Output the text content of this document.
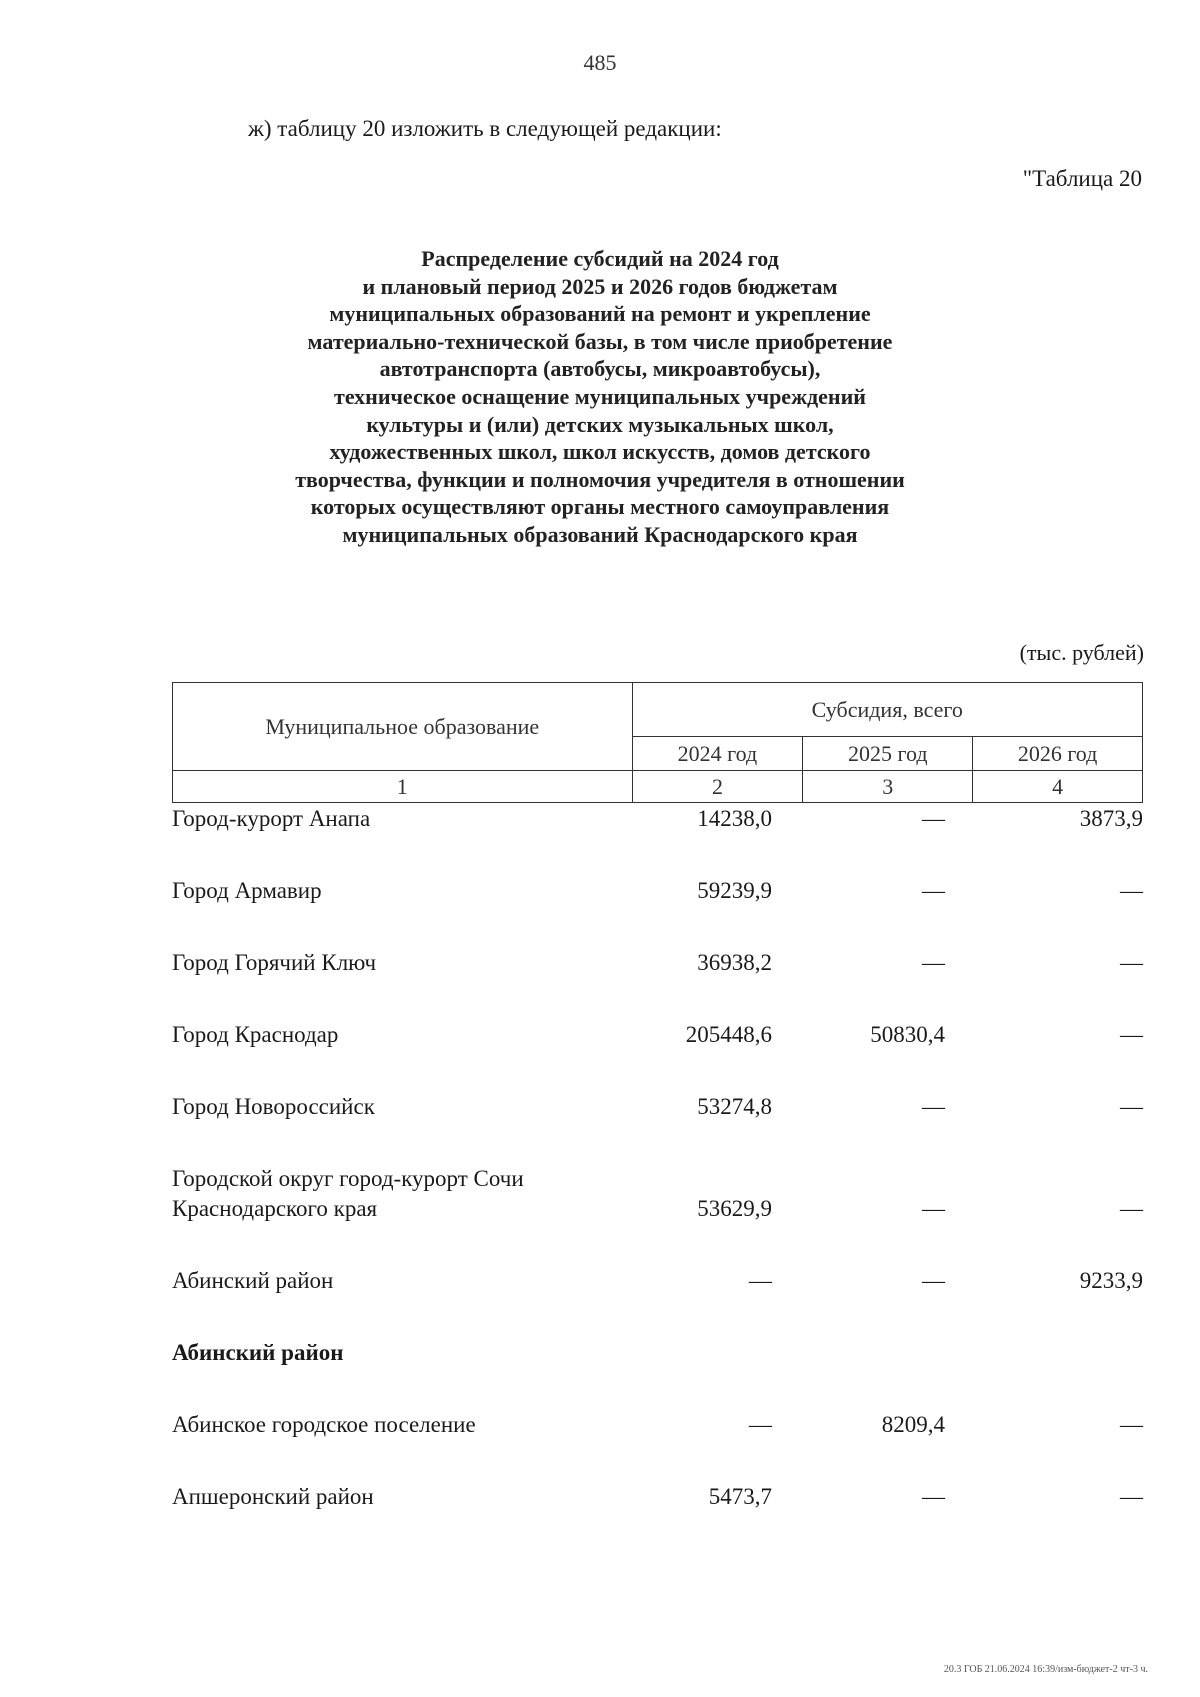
485
ж) таблицу 20 изложить в следующей редакции:
"Таблица 20
Распределение субсидий на 2024 год
и плановый период 2025 и 2026 годов бюджетам
муниципальных образований на ремонт и укрепление
материально-технической базы, в том числе приобретение
автотранспорта (автобусы, микроавтобусы),
техническое оснащение муниципальных учреждений
культуры и (или) детских музыкальных школ,
художественных школ, школ искусств, домов детского
творчества, функции и полномочия учредителя в отношении
которых осуществляют органы местного самоуправления
муниципальных образований Краснодарского края
(тыс. рублей)
Муниципальное образование	Субсидия, всего		
	2024 год	2025 год	2026 год
1	2	3	4
Город-курорт Анапа	14238,0	—	3873,9
Город Армавир	59239,9	—	—
Город Горячий Ключ	36938,2	—	—
Город Краснодар	205448,6	50830,4	—
Город Новороссийск	53274,8	—	—
Городской округ город-курорт Сочи
Краснодарского края	53629,9	—	—
Абинский район	—	—	9233,9
Абинский район
Абинское городское поселение	—	8209,4	—
Апшеронский район	5473,7	—	—
20.3 ГОБ 21.06.2024 16:39/изм-бюджет-2 чт-3 ч.
